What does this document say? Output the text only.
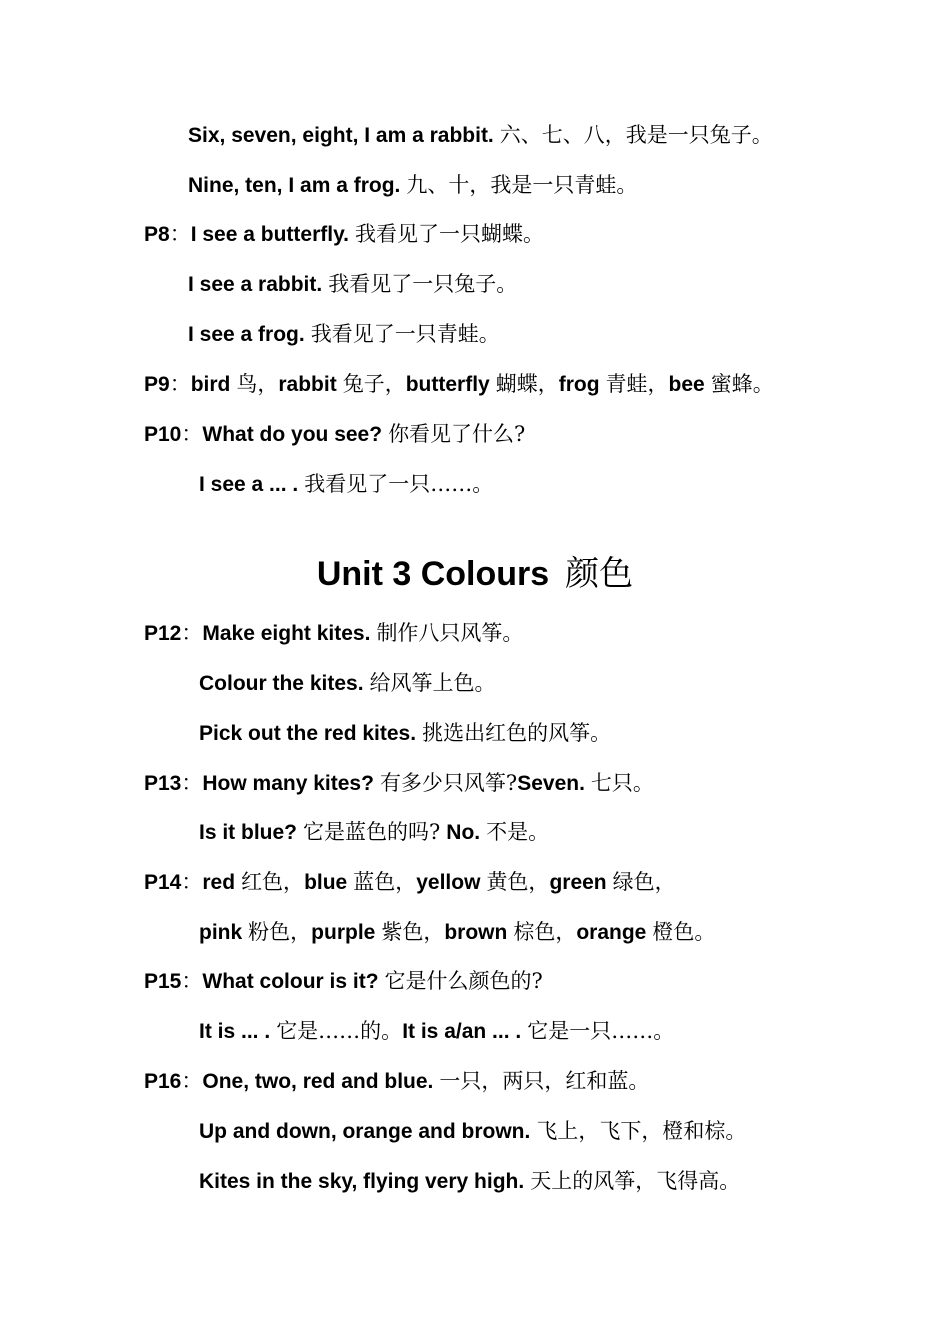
Six, seven, eight, I am a rabbit. 六、七、八，我是一只兔子。
Nine, ten, I am a frog. 九、十，我是一只青蛙。
P8：I see a butterfly. 我看见了一只蝴蝶。
I see a rabbit. 我看见了一只兔子。
I see a frog. 我看见了一只青蛙。
P9：bird 鸟，rabbit 兔子，butterfly 蝴蝶，frog 青蛙，bee 蜜蜂。
P10：What do you see? 你看见了什么?
I see a ... . 我看见了一只……。
Unit 3 Colours 颜色
P12：Make eight kites. 制作八只风筝。
Colour the kites. 给风筝上色。
Pick out the red kites. 挑选出红色的风筝。
P13：How many kites? 有多少只风筝?Seven. 七只。
Is it blue? 它是蓝色的吗? No. 不是。
P14：red 红色，blue 蓝色，yellow 黄色，green 绿色，
pink 粉色，purple 紫色，brown 棕色，orange 橙色。
P15：What colour is it? 它是什么颜色的?
It is ... . 它是……的。It is a/an ... . 它是一只……。
P16：One, two, red and blue. 一只，两只，红和蓝。
Up and down, orange and brown. 飞上，飞下，橙和棕。
Kites in the sky, flying very high. 天上的风筝，飞得高。
